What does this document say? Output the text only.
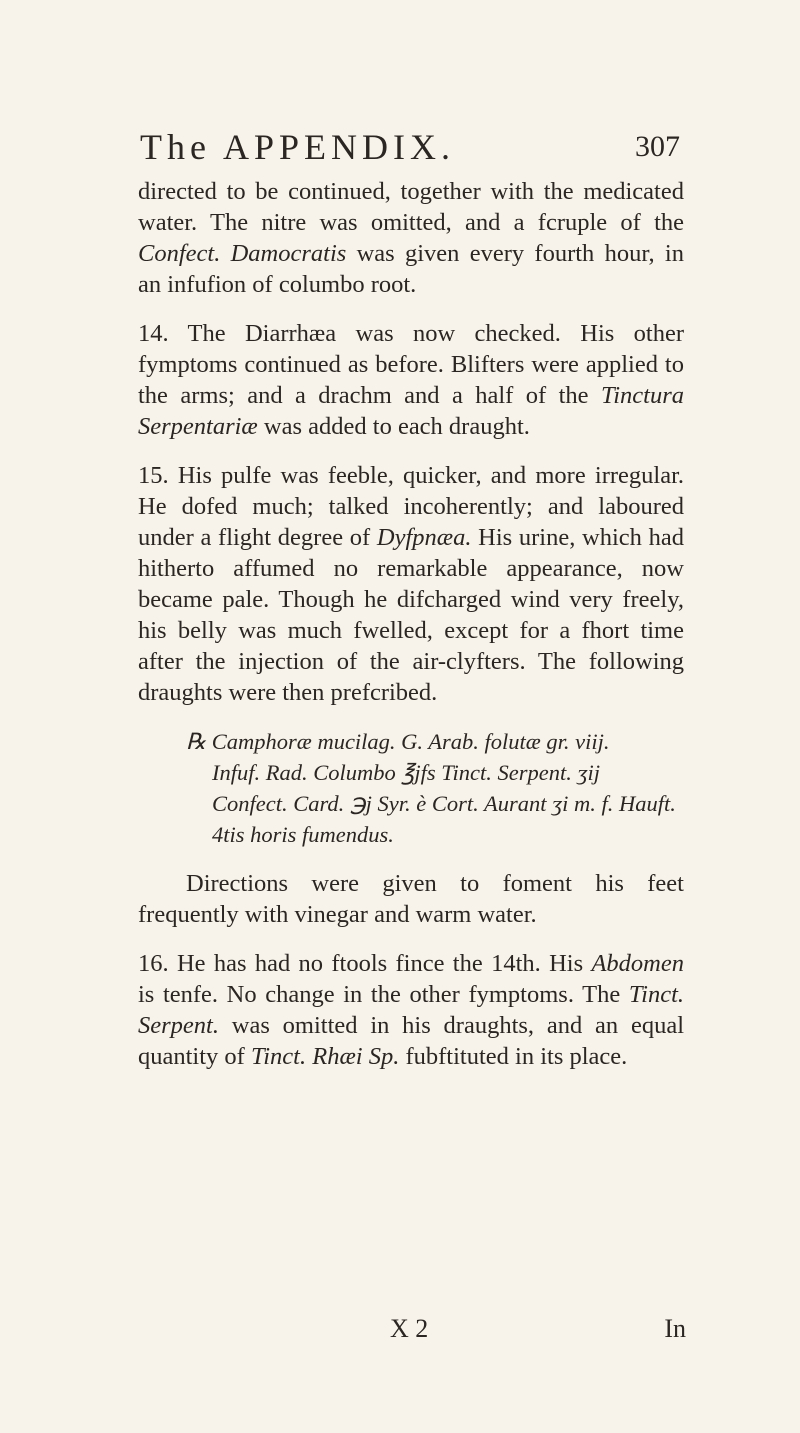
The APPENDIX.	307

directed to be continued, together with the medicated water. The nitre was omitted, and a fcruple of the Confect. Damocratis was given every fourth hour, in an infufion of columbo root.

14. The Diarrhæa was now checked. His other fymptoms continued as before. Blifters were applied to the arms; and a drachm and a half of the Tinctura Serpentariæ was added to each draught.

15. His pulfe was feeble, quicker, and more irregular. He dofed much; talked incoherently; and laboured under a flight degree of Dyfpnæa. His urine, which had hitherto affumed no remarkable appearance, now became pale. Though he difcharged wind very freely, his belly was much fwelled, except for a fhort time after the injection of the air-clyfters. The following draughts were then prefcribed.

℞ Camphoræ mucilag. G. Arab. folutæ gr. viij.
Infuf. Rad. Columbo ℥jfs Tinct. Serpent. ʒij
Confect. Card. ℈j Syr. è Cort. Aurant ʒi m. f. Hauft.
4tis horis fumendus.

Directions were given to foment his feet frequently with vinegar and warm water.

16. He has had no ftools fince the 14th. His Abdomen is tenfe. No change in the other fymptoms. The Tinct. Serpent. was omitted in his draughts, and an equal quantity of Tinct. Rhæi Sp. fubftituted in its place.

X 2	In
